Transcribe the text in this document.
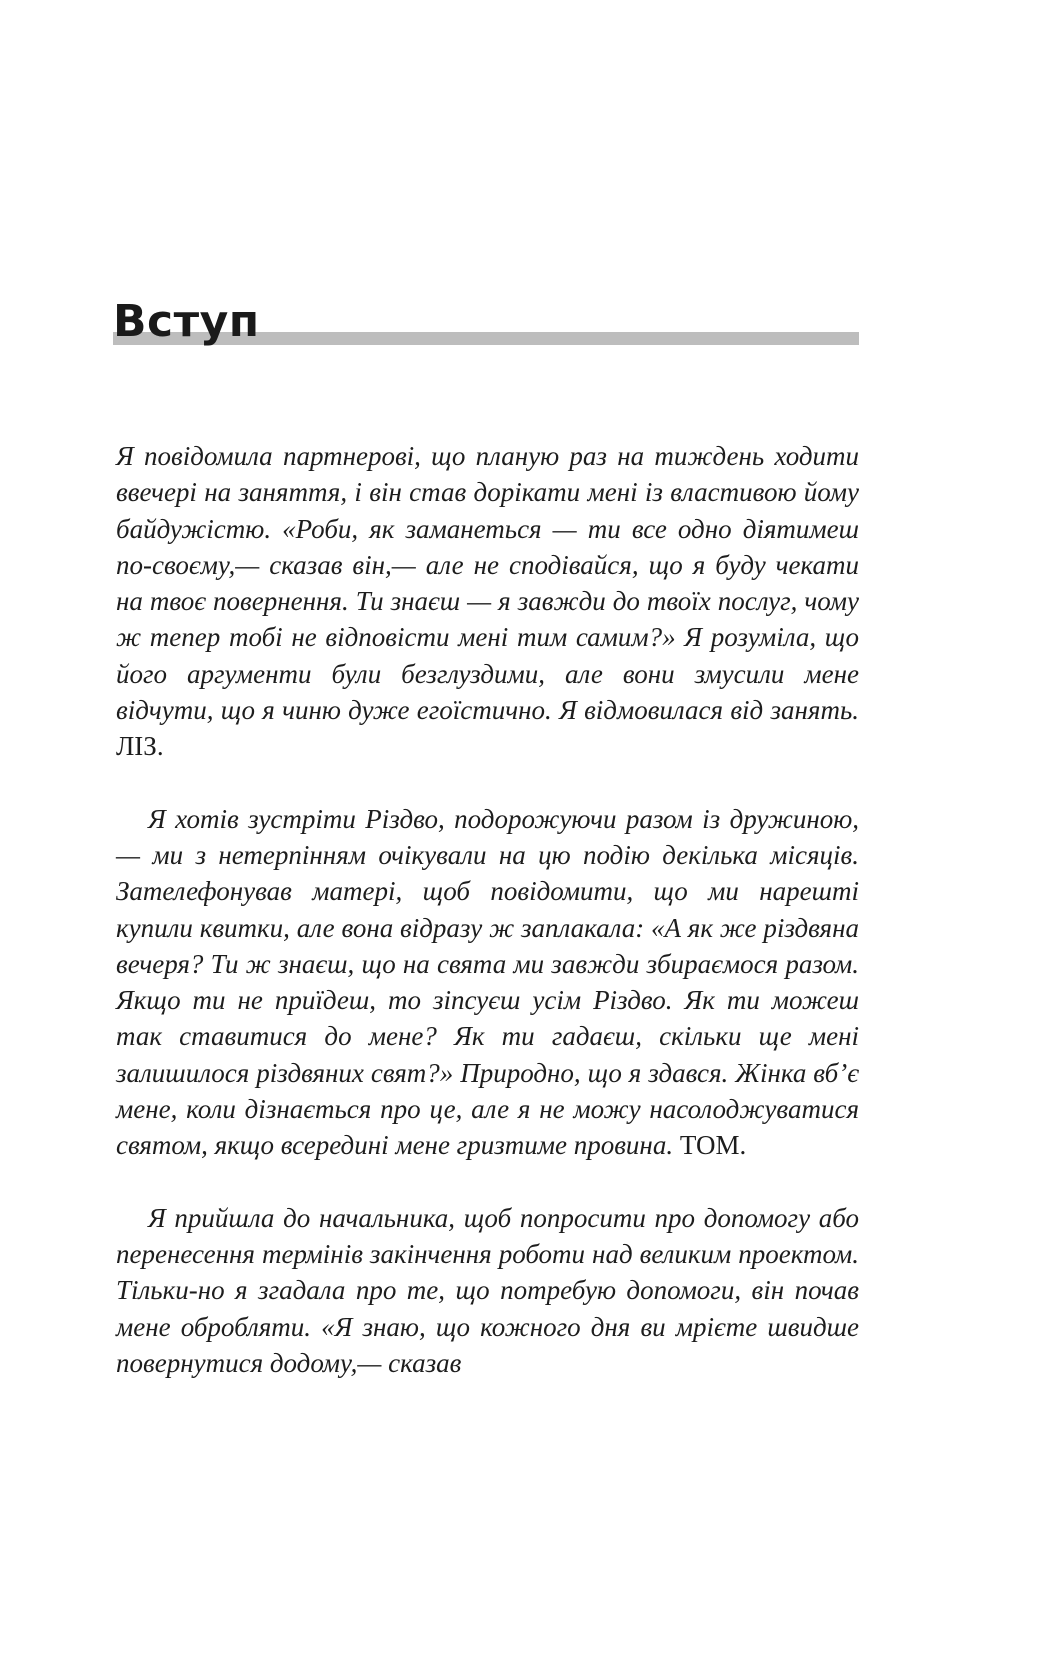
Вступ

Я повідомила партнерові, що планую раз на тиждень ходити ввечері на заняття, і він став дорікати мені із властивою йому байдужістю. «Роби, як заманеться — ти все одно діятимеш по-своєму,— сказав він,— але не сподівайся, що я буду чекати на твоє повернення. Ти знаєш — я завжди до твоїх послуг, чому ж тепер тобі не відповісти мені тим самим?» Я розуміла, що його аргументи були безглуздими, але вони змусили мене відчути, що я чиню дуже егоїстично. Я відмовилася від занять. ЛІЗ.

Я хотів зустріти Різдво, подорожуючи разом із дружиною,— ми з нетерпінням очікували на цю подію декілька місяців. Зателефонував матері, щоб повідомити, що ми нарешті купили квитки, але вона відразу ж заплакала: «А як же різдвяна вечеря? Ти ж знаєш, що на свята ми завжди збираємося разом. Якщо ти не приїдеш, то зіпсуєш усім Різдво. Як ти можеш так ставитися до мене? Як ти гадаєш, скільки ще мені залишилося різдвяних свят?» Природно, що я здався. Жінка вб’є мене, коли дізнається про це, але я не можу насолоджуватися святом, якщо всередині мене гризтиме провина. ТОМ.

Я прийшла до начальника, щоб попросити про допомогу або перенесення термінів закінчення роботи над великим проектом. Тільки-но я згадала про те, що потребую допомоги, він почав мене обробляти. «Я знаю, що кожного дня ви мрієте швидше повернутися додому,— сказав
